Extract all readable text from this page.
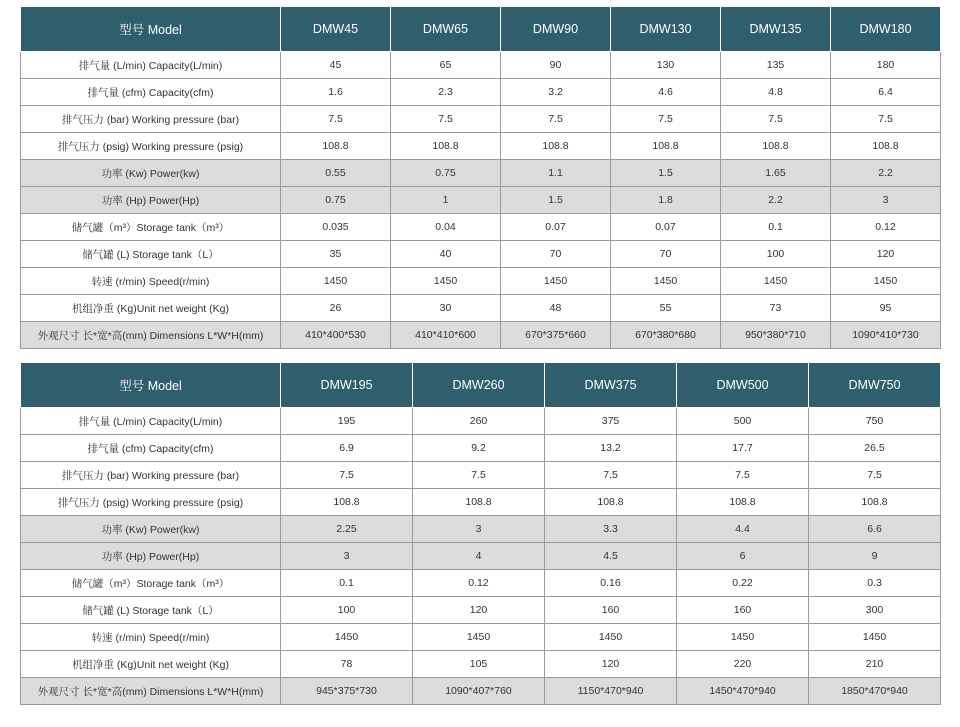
型号 Model	DMW45	DMW65	DMW90	DMW130	DMW135	DMW180
排气量 (L/min) Capacity(L/min)	45	65	90	130	135	180
排气量 (cfm) Capacity(cfm)	1.6	2.3	3.2	4.6	4.8	6.4
排气压力 (bar) Working pressure (bar)	7.5	7.5	7.5	7.5	7.5	7.5
排气压力 (psig) Working pressure (psig)	108.8	108.8	108.8	108.8	108.8	108.8
功率 (Kw) Power(kw)	0.55	0.75	1.1	1.5	1.65	2.2
功率 (Hp) Power(Hp)	0.75	1	1.5	1.8	2.2	3
储气罐（m³）Storage tank（m³）	0.035	0.04	0.07	0.07	0.1	0.12
储气罐 (L) Storage tank（L）	35	40	70	70	100	120
转速 (r/min) Speed(r/min)	1450	1450	1450	1450	1450	1450
机组净重 (Kg)Unit net weight (Kg)	26	30	48	55	73	95
外观尺寸 长*宽*高(mm) Dimensions L*W*H(mm)	410*400*530	410*410*600	670*375*660	670*380*680	950*380*710	1090*410*730
型号 Model	DMW195	DMW260	DMW375	DMW500	DMW750
排气量 (L/min) Capacity(L/min)	195	260	375	500	750
排气量 (cfm) Capacity(cfm)	6.9	9.2	13.2	17.7	26.5
排气压力 (bar) Working pressure (bar)	7.5	7.5	7.5	7.5	7.5
排气压力 (psig) Working pressure (psig)	108.8	108.8	108.8	108.8	108.8
功率 (Kw) Power(kw)	2.25	3	3.3	4.4	6.6
功率 (Hp) Power(Hp)	3	4	4.5	6	9
储气罐（m³）Storage tank（m³）	0.1	0.12	0.16	0.22	0.3
储气罐 (L) Storage tank（L）	100	120	160	160	300
转速 (r/min) Speed(r/min)	1450	1450	1450	1450	1450
机组净重 (Kg)Unit net weight (Kg)	78	105	120	220	210
外观尺寸 长*宽*高(mm) Dimensions L*W*H(mm)	945*375*730	1090*407*760	1150*470*940	1450*470*940	1850*470*940
